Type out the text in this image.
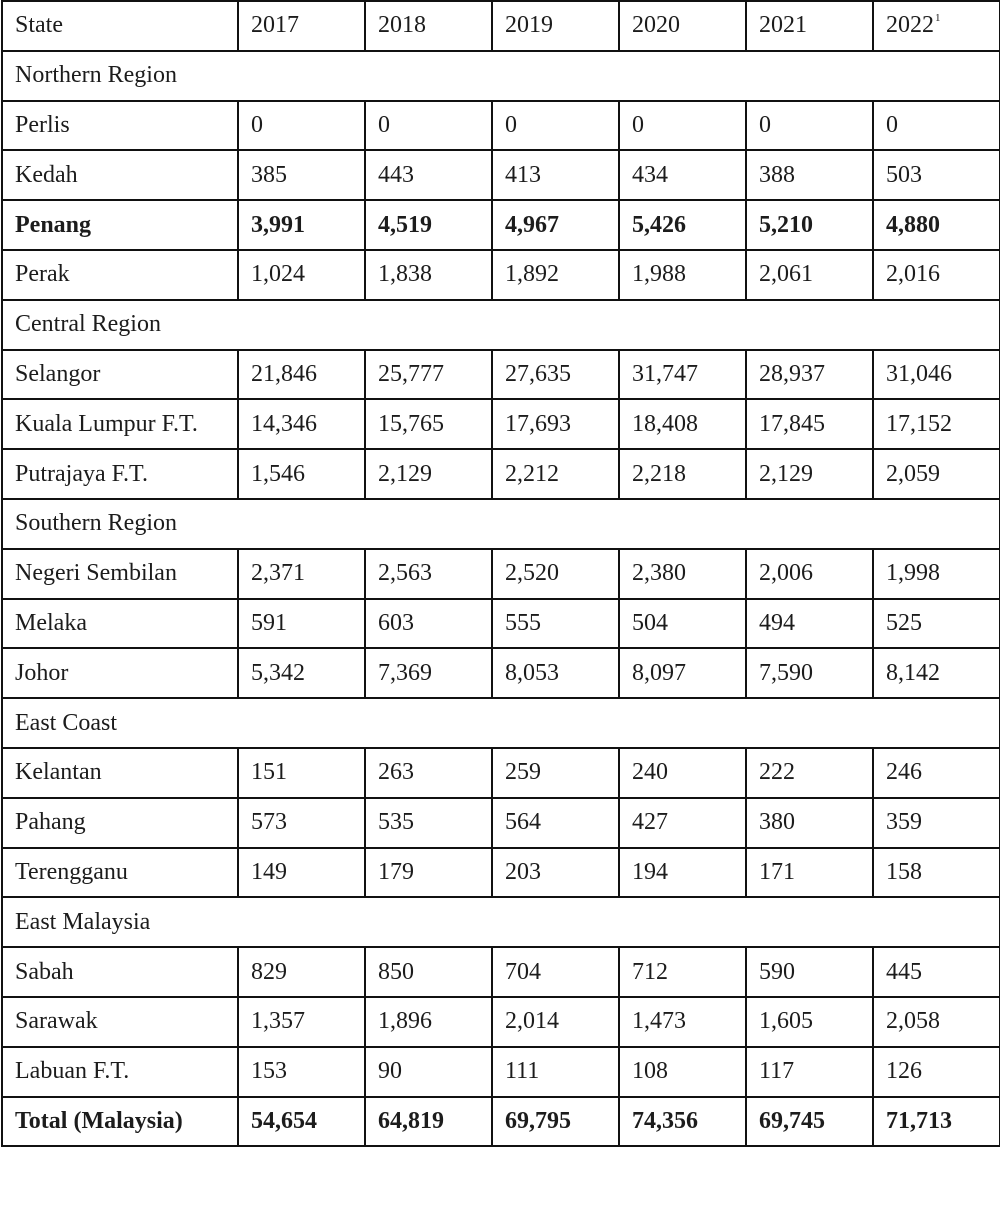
State	2017	2018	2019	2020	2021	2022$^1$
Northern Region						
Perlis	0	0	0	0	0	0
Kedah	385	443	413	434	388	503
Penang	3,991	4,519	4,967	5,426	5,210	4,880
Perak	1,024	1,838	1,892	1,988	2,061	2,016
Central Region						
Selangor	21,846	25,777	27,635	31,747	28,937	31,046
Kuala Lumpur F.T.	14,346	15,765	17,693	18,408	17,845	17,152
Putrajaya F.T.	1,546	2,129	2,212	2,218	2,129	2,059
Southern Region						
Negeri Sembilan	2,371	2,563	2,520	2,380	2,006	1,998
Melaka	591	603	555	504	494	525
Johor	5,342	7,369	8,053	8,097	7,590	8,142
East Coast						
Kelantan	151	263	259	240	222	246
Pahang	573	535	564	427	380	359
Terengganu	149	179	203	194	171	158
East Malaysia						
Sabah	829	850	704	712	590	445
Sarawak	1,357	1,896	2,014	1,473	1,605	2,058
Labuan F.T.	153	90	111	108	117	126
Total (Malaysia)	54,654	64,819	69,795	74,356	69,745	71,713
